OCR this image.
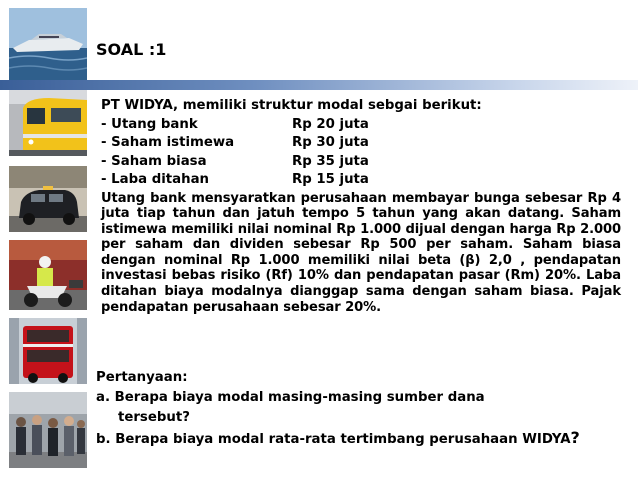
SOAL :1
PT WIDYA, memiliki struktur modal sebgai berikut:
- Utang bank	Rp 20 juta
- Saham istimewa	Rp 30 juta
- Saham biasa	Rp 35 juta
- Laba ditahan	Rp 15 juta
Utang bank mensyaratkan perusahaan membayar bunga sebesar Rp 4 juta tiap tahun dan jatuh tempo 5 tahun yang akan datang. Saham istimewa memiliki nilai nominal Rp 1.000 dijual dengan harga Rp 2.000 per saham dan dividen sebesar Rp 500 per saham. Saham biasa dengan nominal Rp 1.000 memiliki nilai beta (β) 2,0 , pendapatan investasi bebas risiko (Rf) 10% dan pendapatan pasar (Rm) 20%. Laba ditahan biaya modalnya dianggap sama dengan saham biasa. Pajak pendapatan perusahaan sebesar 20%.
Pertanyaan:
a. Berapa biaya modal masing-masing sumber dana
tersebut?
b. Berapa biaya modal rata-rata tertimbang perusahaan WIDYA?
